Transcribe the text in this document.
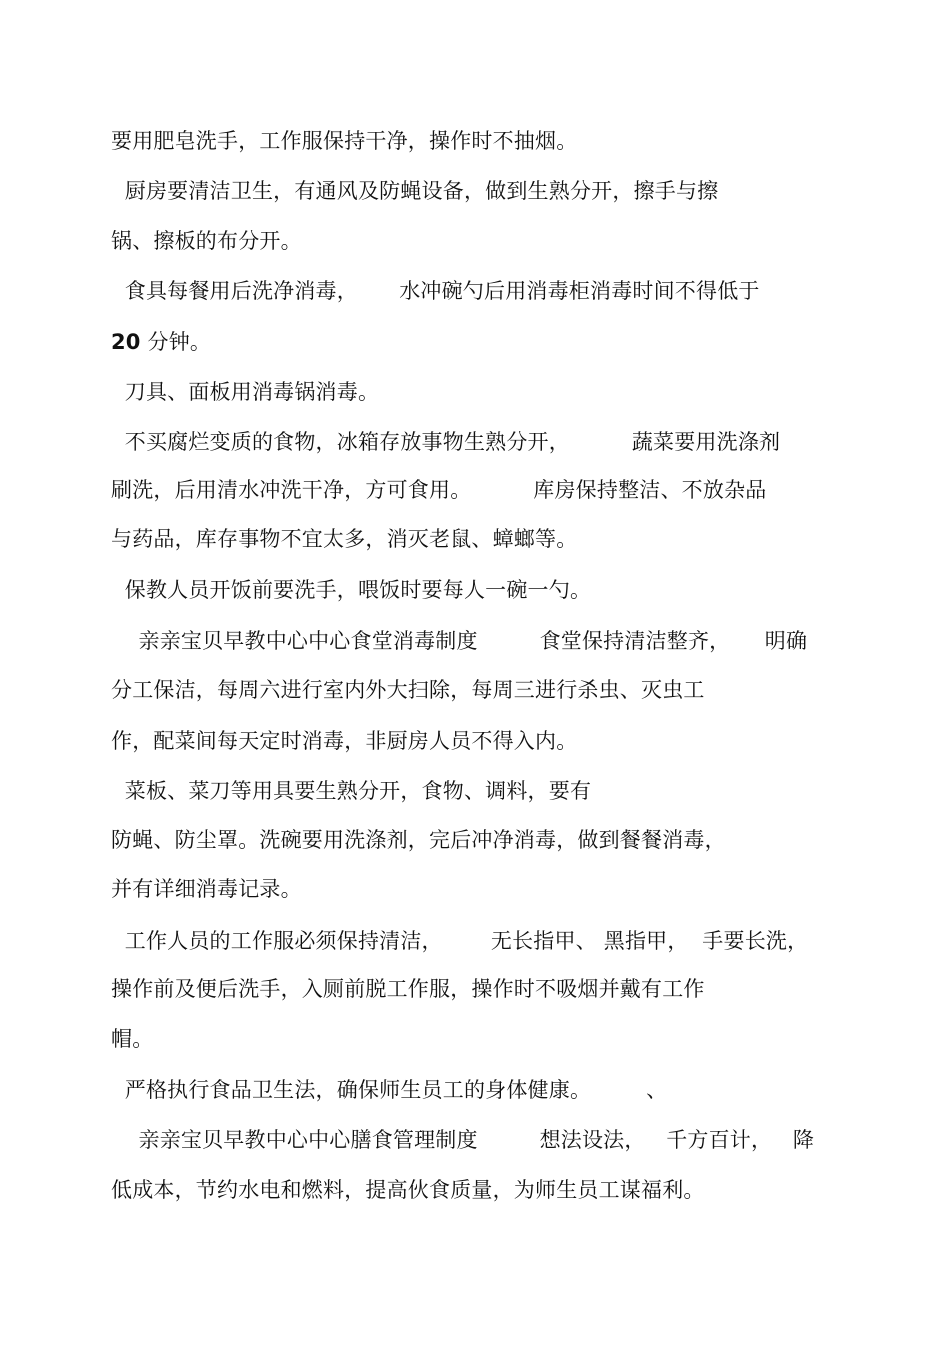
要用肥皂洗手，工作服保持干净，操作时不抽烟。
厨房要清洁卫生，有通风及防蝇设备，做到生熟分开，擦手与擦
锅、擦板的布分开。
食具每餐用后洗净消毒，      水冲碗勺后用消毒柜消毒时间不得低于
20 分钟。
刀具、面板用消毒锅消毒。
不买腐烂变质的食物，冰箱存放事物生熟分开，         蔬菜要用洗涤剂
刷洗，后用清水冲洗干净，方可食用。         库房保持整洁、不放杂品
与药品，库存事物不宜太多，消灭老鼠、蟑螂等。
保教人员开饭前要洗手，喂饭时要每人一碗一勺。
亲亲宝贝早教中心中心食堂消毒制度         食堂保持清洁整齐，     明确
分工保洁，每周六进行室内外大扫除，每周三进行杀虫、灭虫工
作，配菜间每天定时消毒，非厨房人员不得入内。
菜板、菜刀等用具要生熟分开，食物、调料，要有
防蝇、防尘罩。洗碗要用洗涤剂，完后冲净消毒，做到餐餐消毒，
并有详细消毒记录。
工作人员的工作服必须保持清洁，       无长指甲、 黑指甲，  手要长洗，
操作前及便后洗手，入厕前脱工作服，操作时不吸烟并戴有工作
帽。
严格执行食品卫生法，确保师生员工的身体健康。        、
亲亲宝贝早教中心中心膳食管理制度         想法设法，   千方百计，   降
低成本，节约水电和燃料，提高伙食质量，为师生员工谋福利。
